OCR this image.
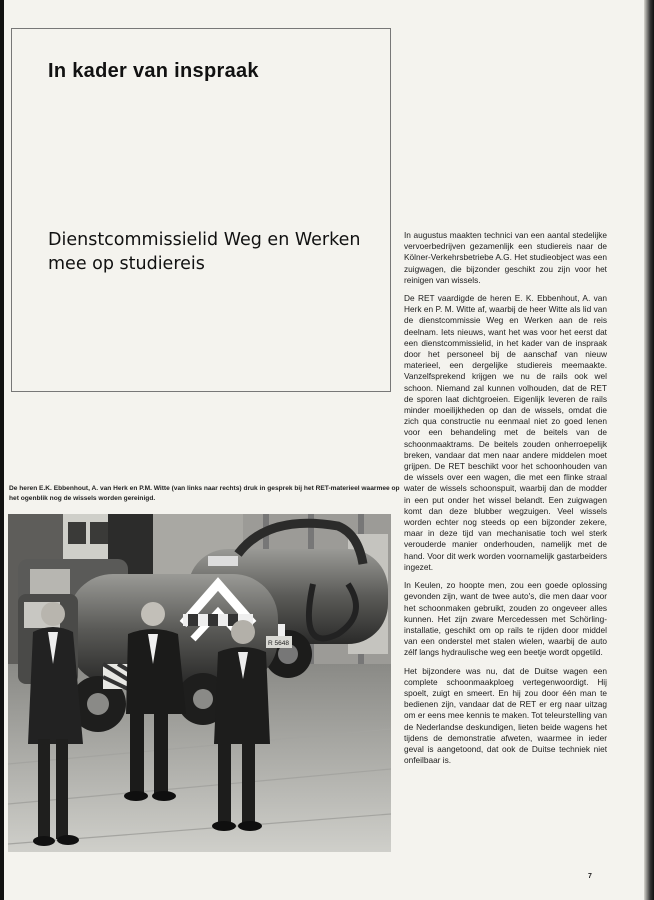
In kader van inspraak
Dienstcommissielid Weg en Werken mee op studiereis

De heren E.K. Ebbenhout, A. van Herk en P.M. Witte (van links naar rechts) druk in gesprek bij het RET-materieel waarmee op het ogenblik nog de wissels worden gereinigd.

R 5648

In augustus maakten technici van een aantal stedelijke vervoerbedrijven gezamenlijk een studiereis naar de Kölner-Verkehrsbetriebe A.G. Het studieobject was een zuigwagen, die bijzonder geschikt zou zijn voor het reinigen van wissels.

De RET vaardigde de heren E. K. Ebbenhout, A. van Herk en P. M. Witte af, waarbij de heer Witte als lid van de dienstcommissie Weg en Werken aan de reis deelnam. Iets nieuws, want het was voor het eerst dat een dienstcommissielid, in het kader van de inspraak door het personeel bij de aanschaf van nieuw materieel, een dergelijke studiereis meemaakte. Vanzelfsprekend krijgen we nu de rails ook wel schoon. Niemand zal kunnen volhouden, dat de RET de sporen laat dichtgroeien. Eigenlijk leveren de rails minder moeilijkheden op dan de wissels, omdat die zich qua constructie nu eenmaal niet zo goed lenen voor een behandeling met de beitels van de schoonmaaktrams. De beitels zouden onherroepelijk breken, vandaar dat men naar andere middelen moet grijpen. De RET beschikt voor het schoonhouden van de wissels over een wagen, die met een flinke straal water de wissels schoonspuit, waarbij dan de modder in een put onder het wissel belandt. Een zuigwagen komt dan deze blubber wegzuigen. Veel wissels worden echter nog steeds op een bijzonder zekere, maar in deze tijd van mechanisatie toch wel sterk verouderde manier onderhouden, namelijk met de hand. Voor dit werk worden voornamelijk gastarbeiders ingezet.

In Keulen, zo hoopte men, zou een goede oplossing gevonden zijn, want de twee auto's, die men daar voor het schoonmaken gebruikt, zouden zo ongeveer alles kunnen. Het zijn zware Mercedessen met Schörling-installatie, geschikt om op rails te rijden door middel van een onderstel met stalen wielen, waarbij de auto zélf langs hydraulische weg een beetje wordt opgetild.

Het bijzondere was nu, dat de Duitse wagen een complete schoonmaakploeg vertegenwoordigt. Hij spoelt, zuigt en smeert. En hij zou door één man te bedienen zijn, vandaar dat de RET er erg naar uitzag om er eens mee kennis te maken. Tot teleurstelling van de Nederlandse deskundigen, lieten beide wagens het tijdens de demonstratie afweten, waarmee in ieder geval is aangetoond, dat ook de Duitse techniek niet onfeilbaar is.

7
